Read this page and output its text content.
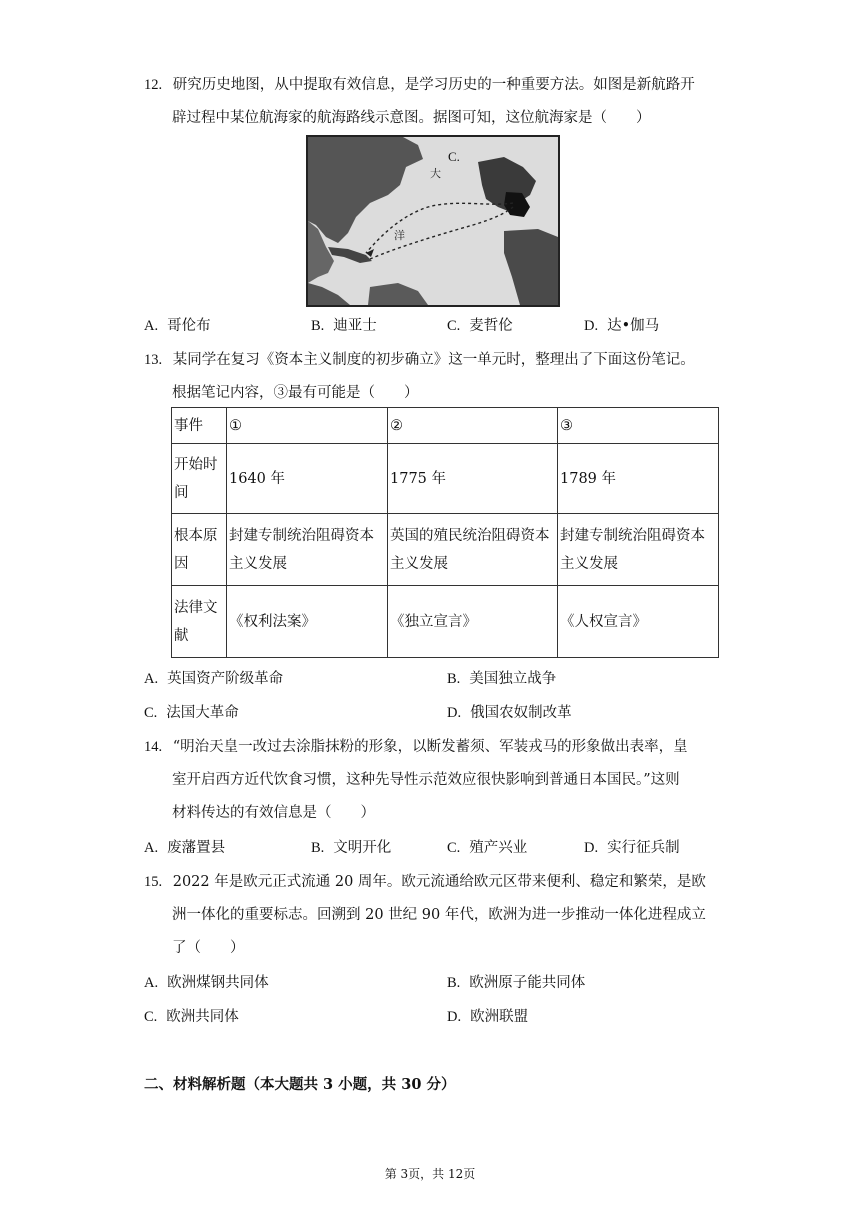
12. 研究历史地图，从中提取有效信息，是学习历史的一种重要方法。如图是新航路开
辟过程中某位航海家的航海路线示意图。据图可知，这位航海家是（　　）
大
C.
洋
A. 哥伦布	B. 迪亚士	C. 麦哲伦	D. 达•伽马
13. 某同学在复习《资本主义制度的初步确立》这一单元时，整理出了下面这份笔记。
根据笔记内容，③最有可能是（　　）
事件	①	②	③
开始时间	1640 年	1775 年	1789 年
根本原因	封建专制统治阻碍资本主义发展	英国的殖民统治阻碍资本主义发展	封建专制统治阻碍资本主义发展
法律文献	《权利法案》	《独立宣言》	《人权宣言》
A. 英国资产阶级革命	B. 美国独立战争
C. 法国大革命	D. 俄国农奴制改革
14. “明治天皇一改过去涂脂抹粉的形象，以断发蓄须、军装戎马的形象做出表率，皇
室开启西方近代饮食习惯，这种先导性示范效应很快影响到普通日本国民。”这则
材料传达的有效信息是（　　）
A. 废藩置县	B. 文明开化	C. 殖产兴业	D. 实行征兵制
15. 2022 年是欧元正式流通 20 周年。欧元流通给欧元区带来便利、稳定和繁荣，是欧
洲一体化的重要标志。回溯到 20 世纪 90 年代，欧洲为进一步推动一体化进程成立
了（　　）
A. 欧洲煤钢共同体	B. 欧洲原子能共同体
C. 欧洲共同体	D. 欧洲联盟
二、材料解析题（本大题共 3 小题，共 30 分）
第 3页，共 12页
